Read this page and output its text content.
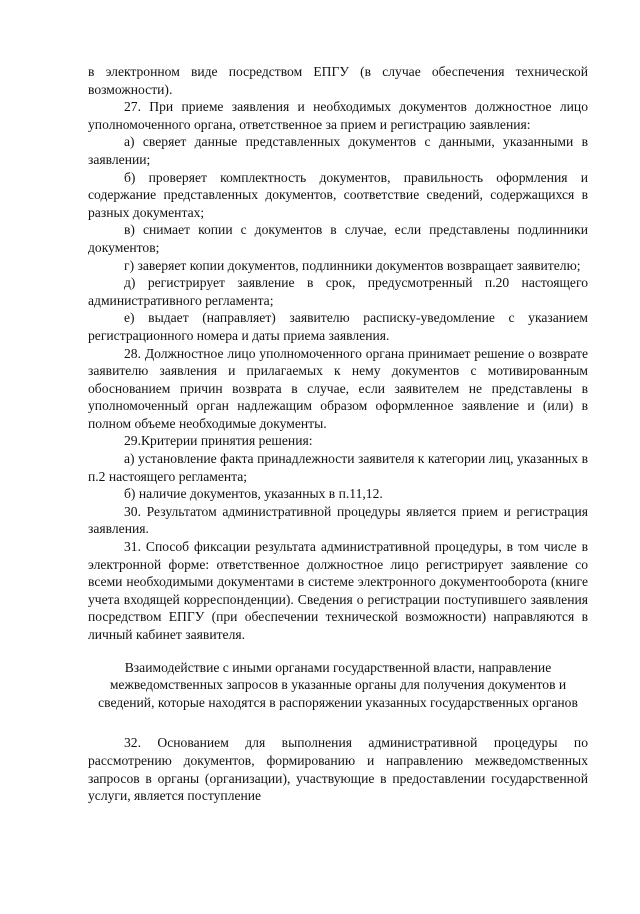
в электронном виде посредством ЕПГУ (в случае обеспечения технической возможности).

27. При приеме заявления и необходимых документов должностное лицо уполномоченного органа, ответственное за прием и регистрацию заявления:

а) сверяет данные представленных документов с данными, указанными в заявлении;

б) проверяет комплектность документов, правильность оформления и содержание представленных документов, соответствие сведений, содержащихся в разных документах;

в) снимает копии с документов в случае, если представлены подлинники документов;

г) заверяет копии документов, подлинники документов возвращает заявителю;

д) регистрирует заявление в срок, предусмотренный п.20 настоящего административного регламента;

е) выдает (направляет) заявителю расписку-уведомление с указанием регистрационного номера и даты приема заявления.

28. Должностное лицо уполномоченного органа принимает решение о возврате заявителю заявления и прилагаемых к нему документов с мотивированным обоснованием причин возврата в случае, если заявителем не представлены в уполномоченный орган надлежащим образом оформленное заявление и (или) в полном объеме необходимые документы.

29.Критерии принятия решения:

а) установление факта принадлежности заявителя к категории лиц, указанных в п.2 настоящего регламента;

б) наличие документов, указанных в п.11,12.

30. Результатом административной процедуры является прием и регистрация заявления.

31. Способ фиксации результата административной процедуры, в том числе в электронной форме: ответственное должностное лицо регистрирует заявление со всеми необходимыми документами в системе электронного документооборота (книге учета входящей корреспонденции). Сведения о регистрации поступившего заявления посредством ЕПГУ (при обеспечении технической возможности) направляются в личный кабинет заявителя.

Взаимодействие с иными органами государственной власти, направление межведомственных запросов в указанные органы для получения документов и сведений, которые находятся в распоряжении указанных государственных органов

32. Основанием для выполнения административной процедуры по рассмотрению документов, формированию и направлению межведомственных запросов в органы (организации), участвующие в предоставлении государственной услуги, является поступление
